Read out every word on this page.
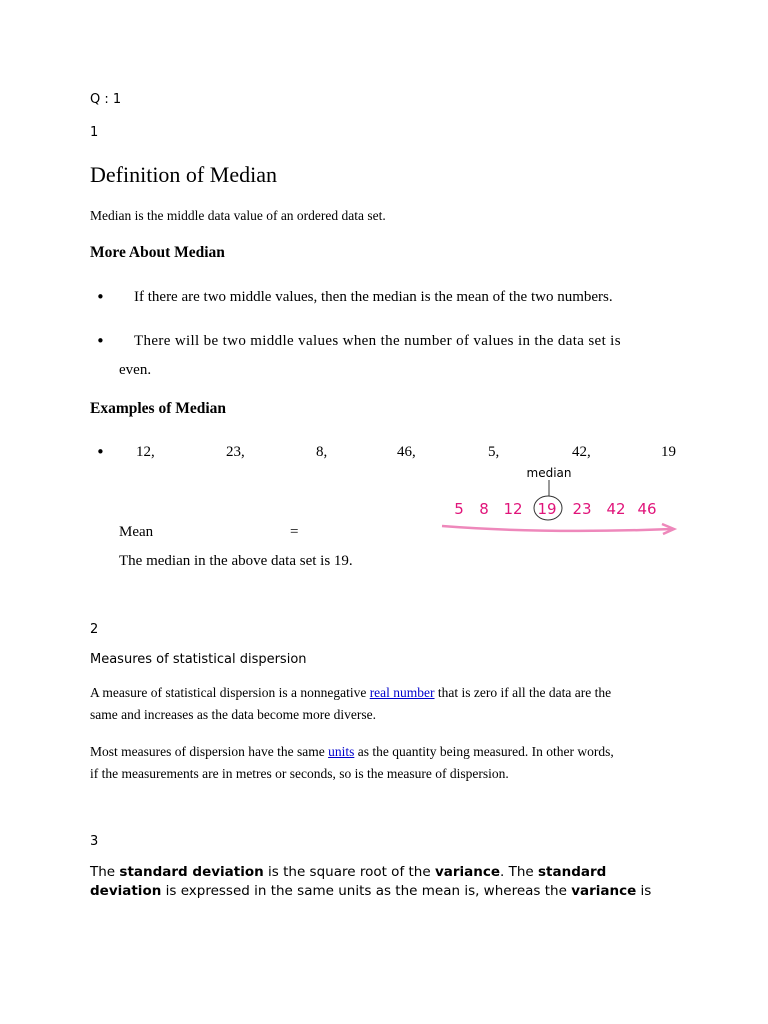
Q : 1
1
Definition of Median
Median is the middle data value of an ordered data set.
More About Median
• If there are two middle values, then the median is the mean of the two numbers.
• There will be two middle values when the number of values in the data set is
even.
Examples of Median
• 12,	23,	8,	46,	5,	42,	19
median
5 8 12 19 23 42 46
Mean	=
The median in the above data set is 19.
2
Measures of statistical dispersion
A measure of statistical dispersion is a nonnegative real number that is zero if all the data are the
same and increases as the data become more diverse.
Most measures of dispersion have the same units as the quantity being measured. In other words,
if the measurements are in metres or seconds, so is the measure of dispersion.
3
The standard deviation is the square root of the variance. The standard
deviation is expressed in the same units as the mean is, whereas the variance is
